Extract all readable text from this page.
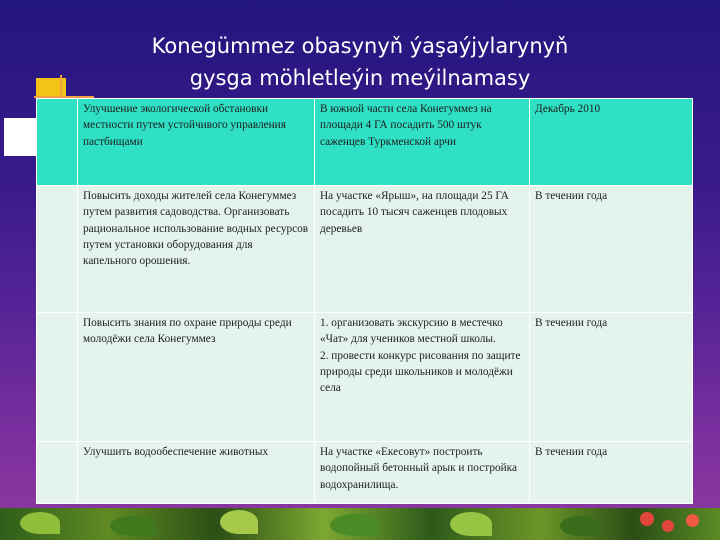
Konegümmez obasynyň ýaşaýjylarynyň
gysga möhletleýin meýilnamasy
	Улучшение экологической обстановки местности путем устойчивого управления пастбищами	В южной части села Конегуммез на площади 4 ГА посадить 500 штук саженцев Туркменской арчи	Декабрь 2010
	Повысить доходы жителей села Конегуммез путем развития садоводства. Организовать рациональное использование водных ресурсов путем установки оборудования для капельного орошения.	На участке «Ярыш», на площади 25 ГА посадить 10 тысяч саженцев плодовых деревьев	В течении года
	Повысить знания по охране природы среди молодёжи села Конегуммез	1. организовать экскурсию в местечко «Чат» для учеников местной школы.
2. провести конкурс рисования по защите природы среди школьников и молодёжи села	В течении года
	Улучшить водообеспечение животных	На участке «Екесовут» построить водопойный бетонный арык и постройка водохранилища.	В течении года
